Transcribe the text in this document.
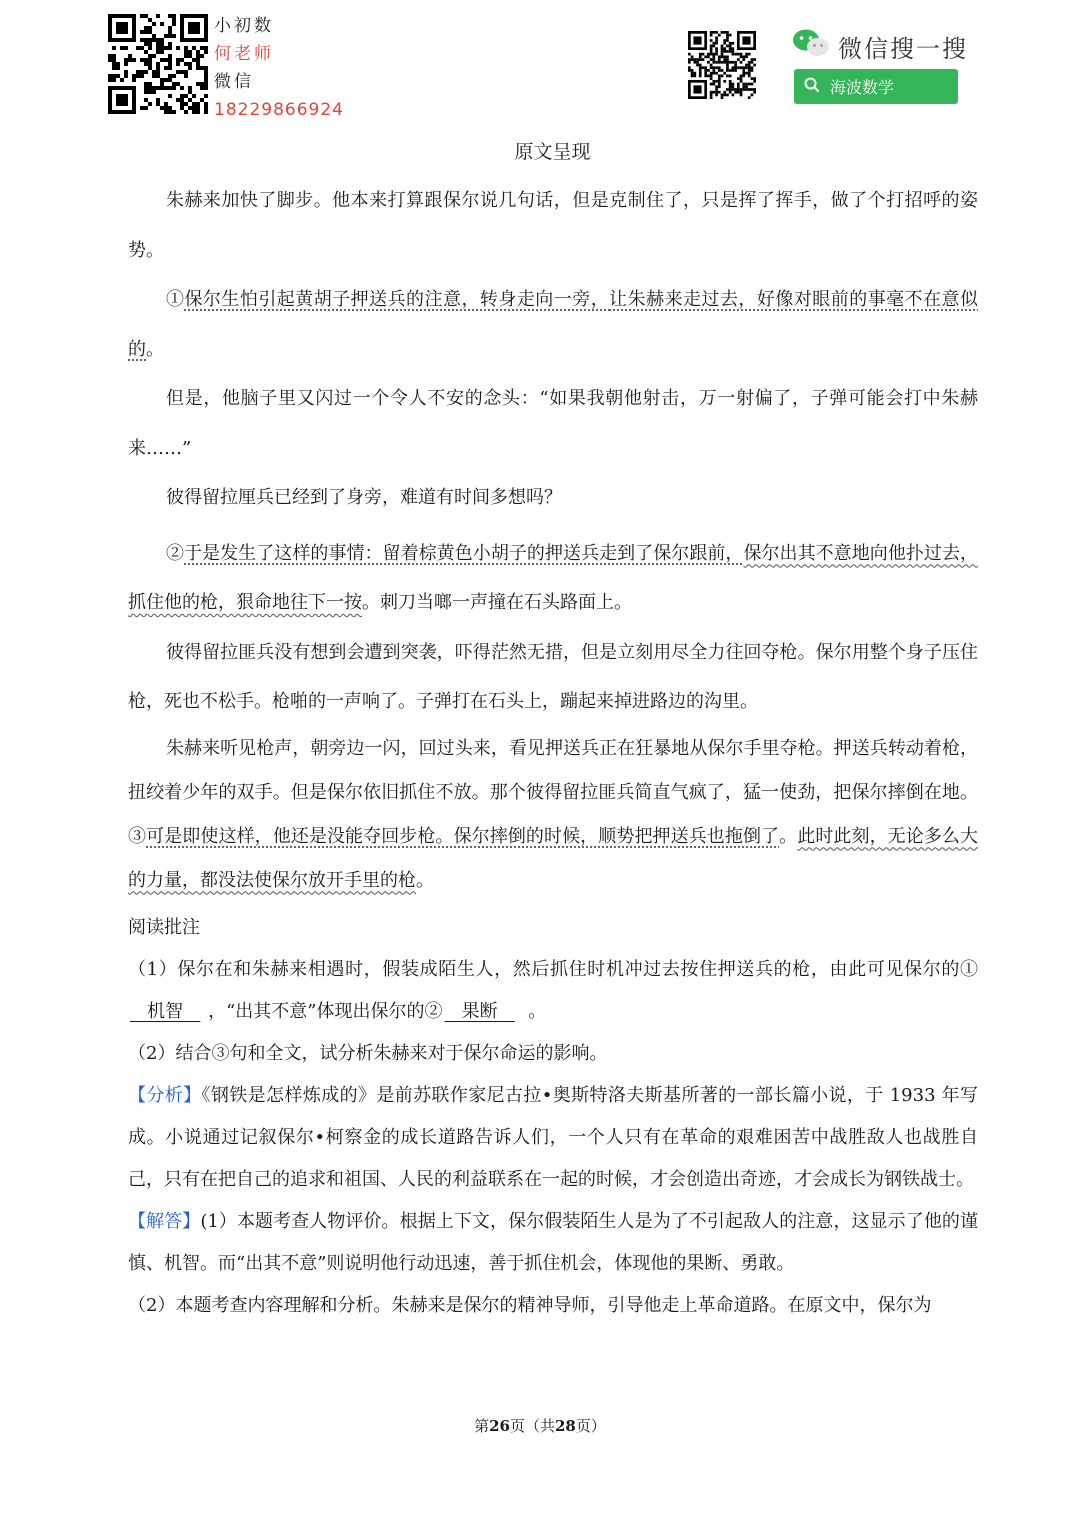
小初数
何老师
微信
18229866924
微信搜一搜
海波数学
原文呈现

朱赫来加快了脚步。他本来打算跟保尔说几句话，但是克制住了，只是挥了挥手，做了个打招呼的姿势。

①保尔生怕引起黄胡子押送兵的注意，转身走向一旁，让朱赫来走过去，好像对眼前的事毫不在意似的。

但是，他脑子里又闪过一个令人不安的念头：“如果我朝他射击，万一射偏了，子弹可能会打中朱赫来……”

彼得留拉厘兵已经到了身旁，难道有时间多想吗？

②于是发生了这样的事情：留着棕黄色小胡子的押送兵走到了保尔跟前，保尔出其不意地向他扑过去，抓住他的枪，狠命地往下一按。刺刀当啷一声撞在石头路面上。

彼得留拉匪兵没有想到会遭到突袭，吓得茫然无措，但是立刻用尽全力往回夺枪。保尔用整个身子压住枪，死也不松手。枪啪的一声响了。子弹打在石头上，蹦起来掉进路边的沟里。

朱赫来听见枪声，朝旁边一闪，回过头来，看见押送兵正在狂暴地从保尔手里夺枪。押送兵转动着枪，扭绞着少年的双手。但是保尔依旧抓住不放。那个彼得留拉匪兵简直气疯了，猛一使劲，把保尔摔倒在地。③可是即使这样，他还是没能夺回步枪。保尔摔倒的时候，顺势把押送兵也拖倒了。此时此刻，无论多么大的力量，都没法使保尔放开手里的枪。

阅读批注

（1）保尔在和朱赫来相遇时，假装成陌生人，然后抓住时机冲过去按住押送兵的枪，由此可见保尔的①   机智 ，“出其不意”体现出保尔的② 果断 。

（2）结合③句和全文，试分析朱赫来对于保尔命运的影响。

【分析】《钢铁是怎样炼成的》是前苏联作家尼古拉•奥斯特洛夫斯基所著的一部长篇小说，于 1933 年写成。小说通过记叙保尔•柯察金的成长道路告诉人们，一个人只有在革命的艰难困苦中战胜敌人也战胜自己，只有在把自己的追求和祖国、人民的利益联系在一起的时候，才会创造出奇迹，才会成长为钢铁战士。

【解答】(1）本题考查人物评价。根据上下文，保尔假装陌生人是为了不引起敌人的注意，这显示了他的谨慎、机智。而“出其不意”则说明他行动迅速，善于抓住机会，体现他的果断、勇敢。

（2）本题考查内容理解和分析。朱赫来是保尔的精神导师，引导他走上革命道路。在原文中，保尔为

第26页（共28页）
